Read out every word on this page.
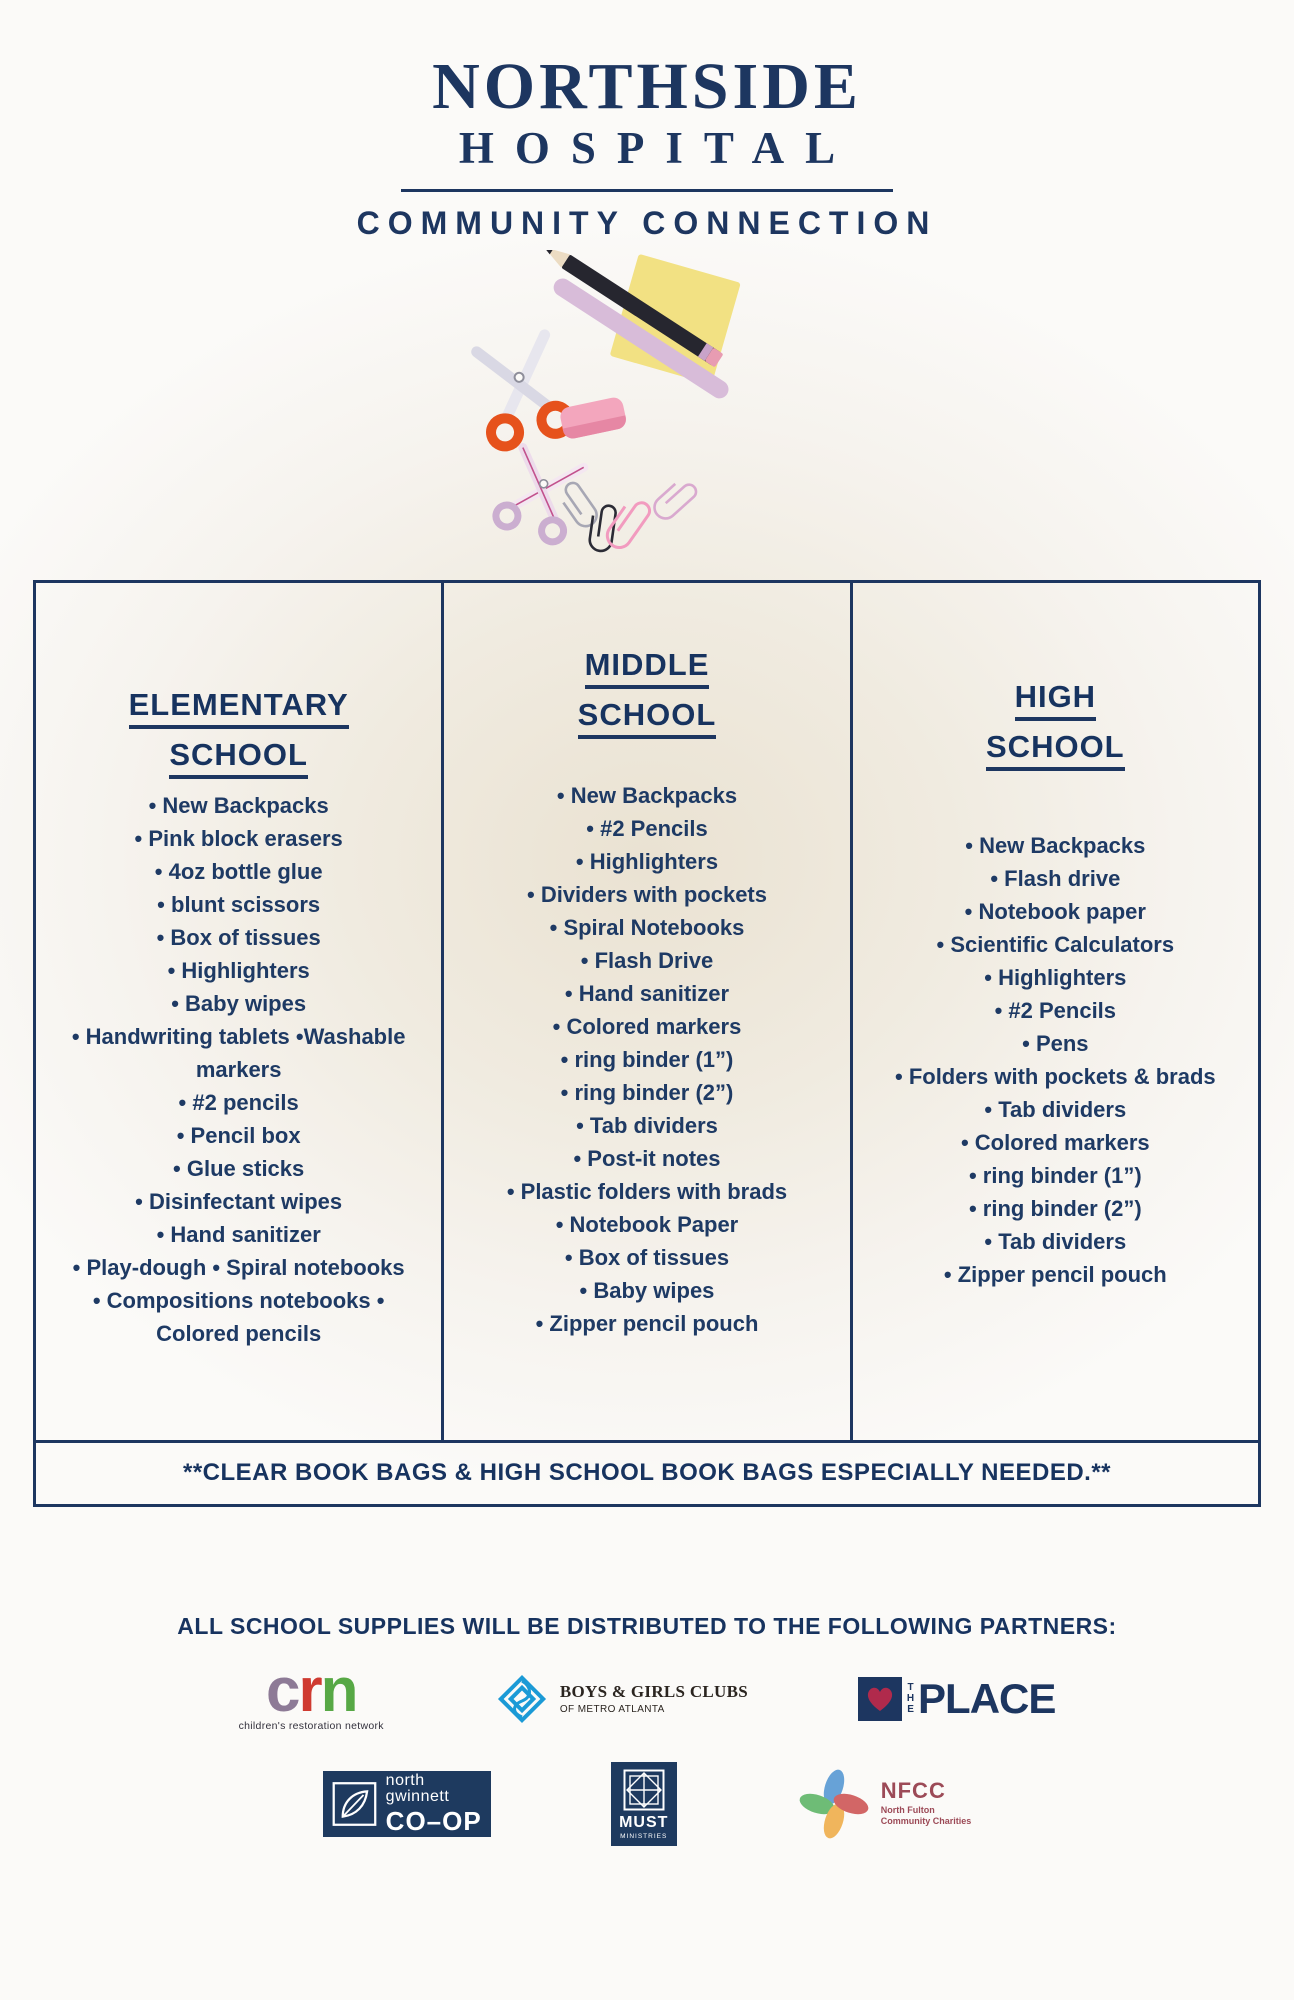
NORTHSIDE
HOSPITAL
COMMUNITY CONNECTION
ELEMENTARY
SCHOOL
• New Backpacks
• Pink block erasers
• 4oz bottle glue
• blunt scissors
• Box of tissues
• Highlighters
• Baby wipes
• Handwriting tablets •Washable markers
• #2 pencils
• Pencil box
• Glue sticks
• Disinfectant wipes
• Hand sanitizer
• Play-dough • Spiral notebooks
• Compositions notebooks • Colored pencils
MIDDLE
SCHOOL
• New Backpacks
• #2 Pencils
• Highlighters
• Dividers with pockets
• Spiral Notebooks
• Flash Drive
• Hand sanitizer
• Colored markers
• ring binder (1”)
• ring binder (2”)
• Tab dividers
• Post-it notes
• Plastic folders with brads
• Notebook Paper
• Box of tissues
• Baby wipes
• Zipper pencil pouch
HIGH
SCHOOL
• New Backpacks
• Flash drive
• Notebook paper
• Scientific Calculators
• Highlighters
• #2 Pencils
• Pens
• Folders with pockets & brads
• Tab dividers
• Colored markers
• ring binder (1”)
• ring binder (2”)
• Tab dividers
• Zipper pencil pouch
**CLEAR BOOK BAGS & HIGH SCHOOL BOOK BAGS ESPECIALLY NEEDED.**
ALL SCHOOL SUPPLIES WILL BE DISTRIBUTED TO THE FOLLOWING PARTNERS:
crn
children's restoration network
BOYS & GIRLS CLUBS
OF METRO ATLANTA	THE PLACE
north gwinnett
CO–OP	MUST
MINISTRIES
NFCC
North Fulton
Community Charities
